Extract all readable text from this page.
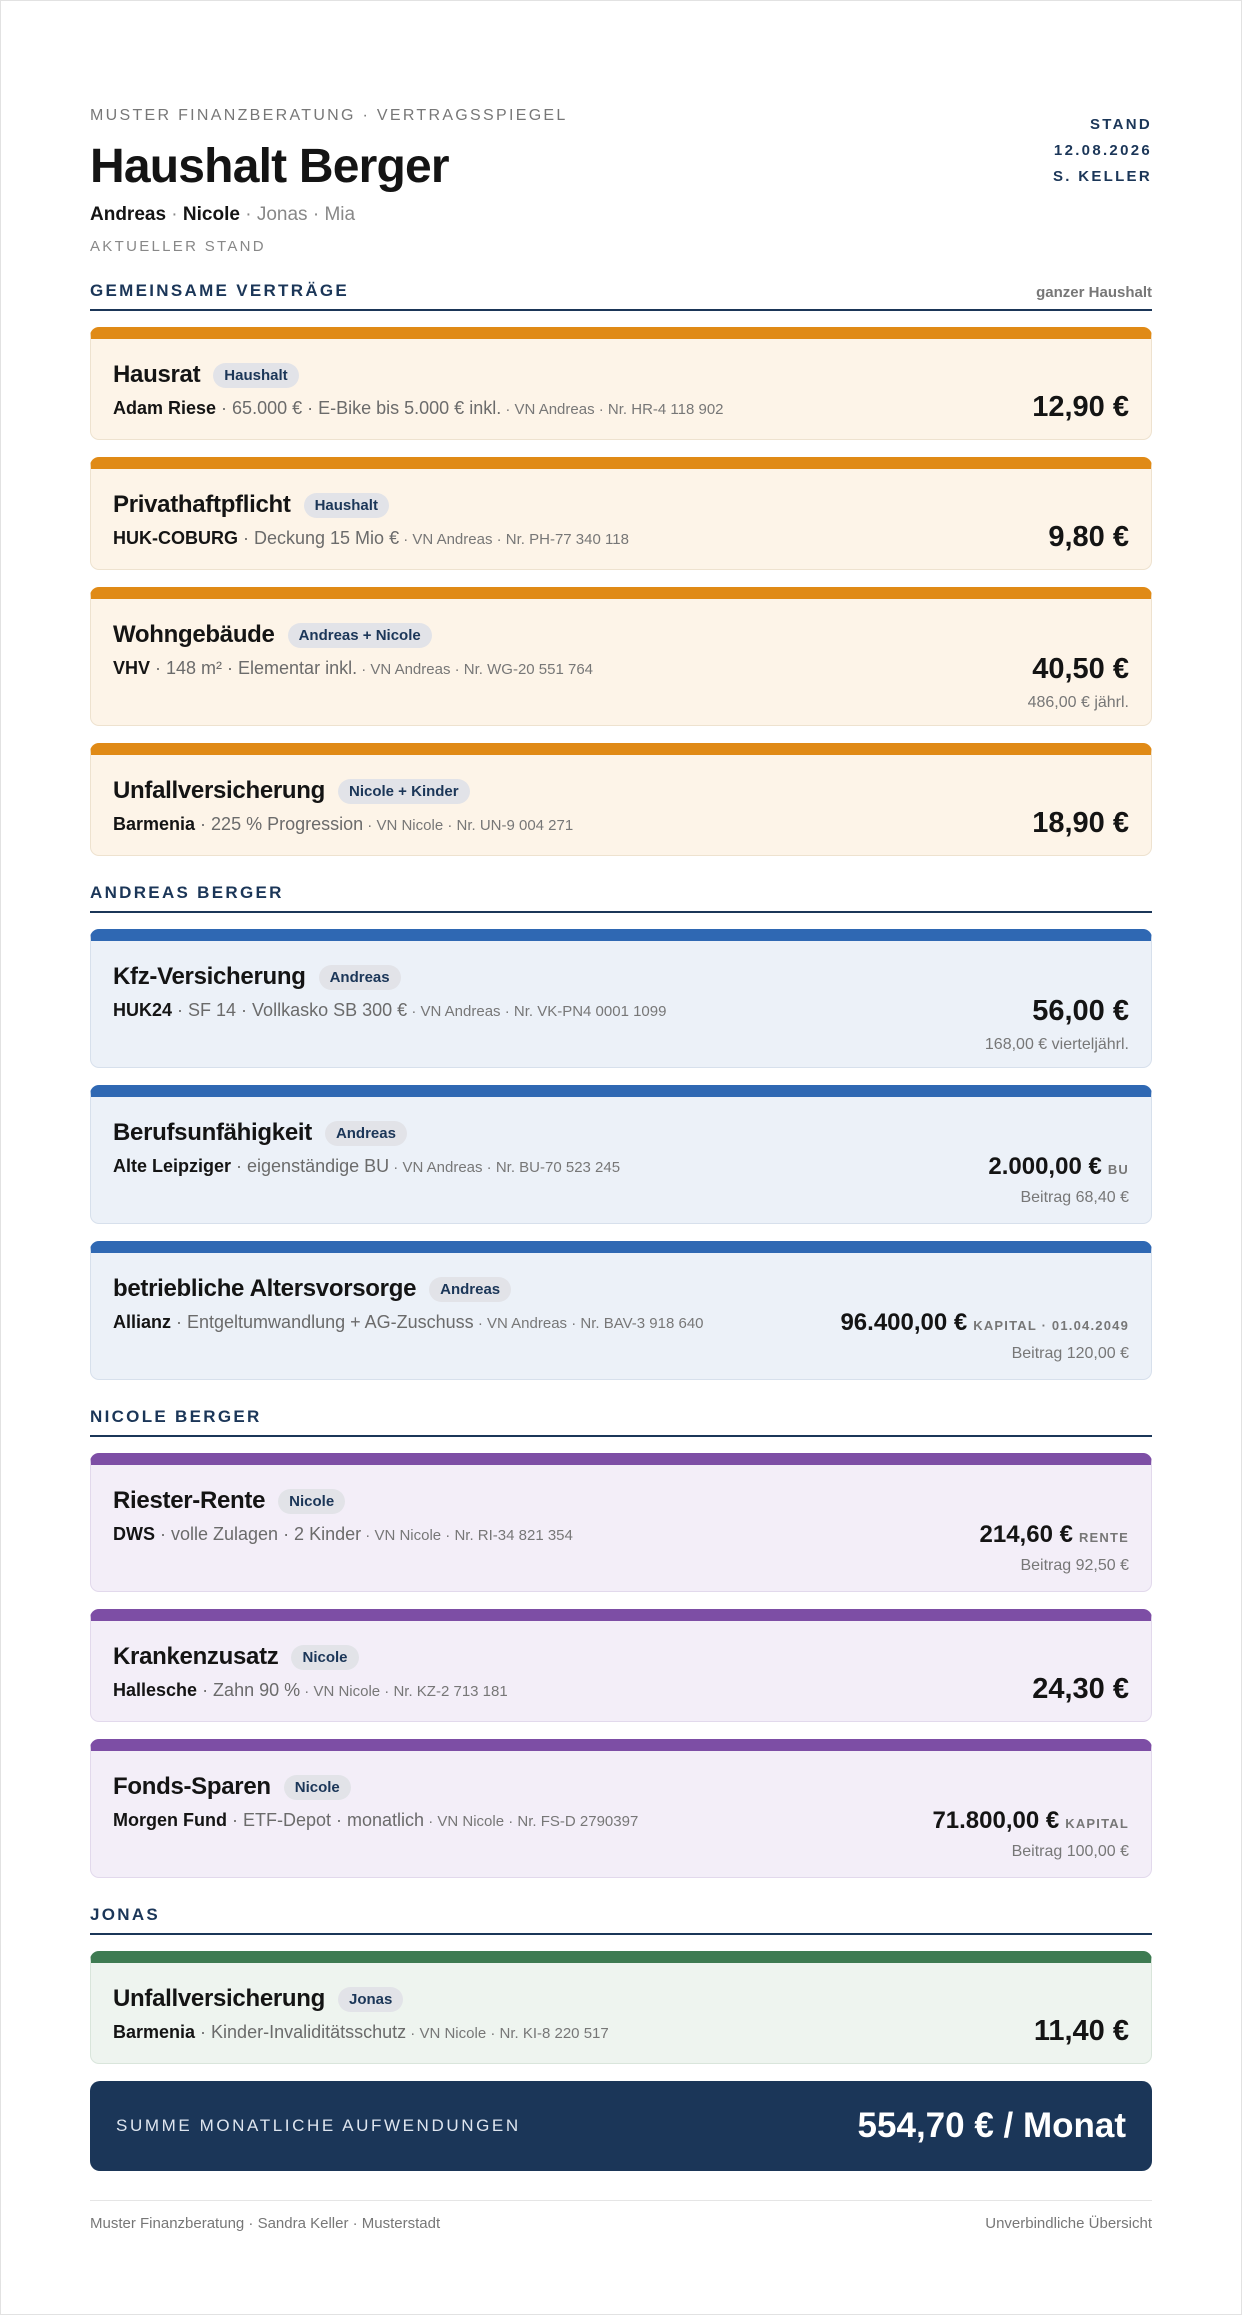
MUSTER FINANZBERATUNG · VERTRAGSSPIEGEL
Haushalt Berger
Andreas · Nicole · Jonas · Mia
AKTUELLER STAND
STAND
12.08.2026
S. KELLER
GEMEINSAME VERTRÄGE	ganzer Haushalt
Hausrat	Haushalt
Adam Riese · 65.000 € · E-Bike bis 5.000 € inkl. · VN Andreas · Nr. HR-4 118 902	12,90 €
Privathaftpflicht	Haushalt
HUK-COBURG · Deckung 15 Mio € · VN Andreas · Nr. PH-77 340 118	9,80 €
Wohngebäude	Andreas + Nicole
VHV · 148 m² · Elementar inkl. · VN Andreas · Nr. WG-20 551 764	40,50 €
486,00 € jährl.
Unfallversicherung	Nicole + Kinder
Barmenia · 225 % Progression · VN Nicole · Nr. UN-9 004 271	18,90 €
ANDREAS BERGER
Kfz-Versicherung	Andreas
HUK24 · SF 14 · Vollkasko SB 300 € · VN Andreas · Nr. VK-PN4 0001 1099	56,00 €
168,00 € vierteljährl.
Berufsunfähigkeit	Andreas
Alte Leipziger · eigenständige BU · VN Andreas · Nr. BU-70 523 245	2.000,00 € BU
Beitrag 68,40 €
betriebliche Altersvorsorge	Andreas
Allianz · Entgeltumwandlung + AG-Zuschuss · VN Andreas · Nr. BAV-3 918 640	96.400,00 € KAPITAL · 01.04.2049
Beitrag 120,00 €
NICOLE BERGER
Riester-Rente	Nicole
DWS · volle Zulagen · 2 Kinder · VN Nicole · Nr. RI-34 821 354	214,60 € RENTE
Beitrag 92,50 €
Krankenzusatz	Nicole
Hallesche · Zahn 90 % · VN Nicole · Nr. KZ-2 713 181	24,30 €
Fonds-Sparen	Nicole
Morgen Fund · ETF-Depot · monatlich · VN Nicole · Nr. FS-D 2790397	71.800,00 € KAPITAL
Beitrag 100,00 €
JONAS
Unfallversicherung	Jonas
Barmenia · Kinder-Invaliditätsschutz · VN Nicole · Nr. KI-8 220 517	11,40 €
SUMME MONATLICHE AUFWENDUNGEN	554,70 € / Monat
Muster Finanzberatung · Sandra Keller · Musterstadt	Unverbindliche Übersicht
